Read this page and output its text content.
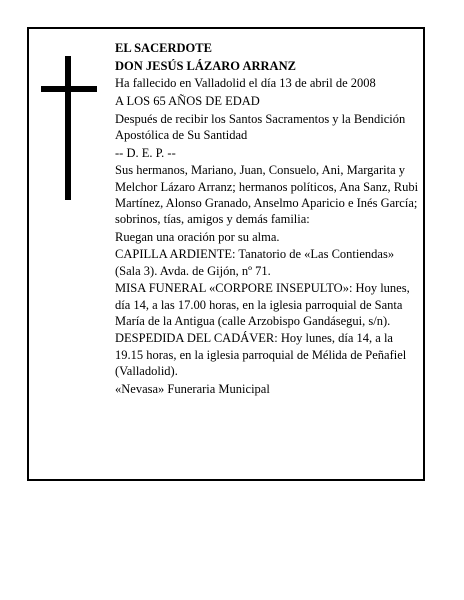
EL SACERDOTE

DON JESÚS LÁZARO ARRANZ

Ha fallecido en Valladolid el día 13 de abril de 2008

A LOS 65 AÑOS DE EDAD

Después de recibir los Santos Sacramentos y la Bendición Apostólica de Su Santidad

-- D. E. P. --

Sus hermanos, Mariano, Juan, Consuelo, Ani, Margarita y Melchor Lázaro Arranz; hermanos políticos, Ana Sanz, Rubi Martínez, Alonso Granado, Anselmo Aparicio e Inés García; sobrinos, tías, amigos y demás familia:

Ruegan una oración por su alma.

CAPILLA ARDIENTE: Tanatorio de «Las Contiendas» (Sala 3). Avda. de Gijón, nº 71.

MISA FUNERAL «CORPORE INSEPULTO»: Hoy lunes, día 14, a las 17.00 horas, en la iglesia parroquial de Santa María de la Antigua (calle Arzobispo Gandásegui, s/n).

DESPEDIDA DEL CADÁVER: Hoy lunes, día 14, a la 19.15 horas, en la iglesia parroquial de Mélida de Peñafiel (Valladolid).

«Nevasa» Funeraria Municipal
